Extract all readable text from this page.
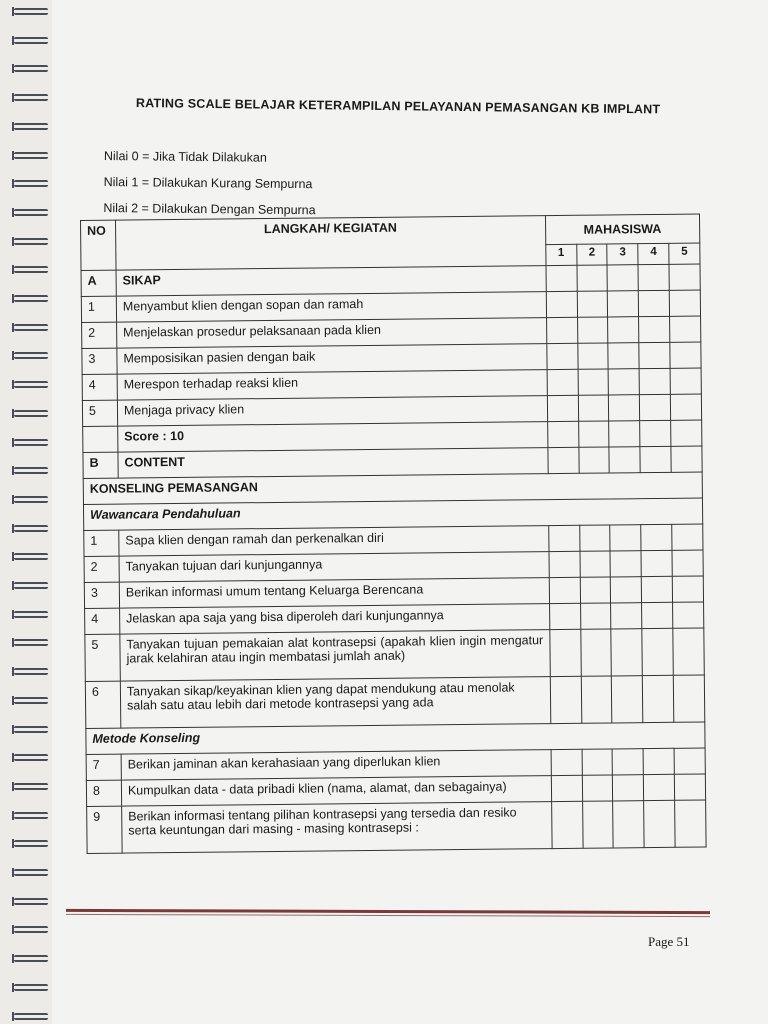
RATING SCALE BELAJAR KETERAMPILAN PELAYANAN PEMASANGAN KB IMPLANT
Nilai 0 = Jika Tidak Dilakukan
Nilai 1 = Dilakukan Kurang Sempurna
Nilai 2 = Dilakukan Dengan Sempurna
NO	LANGKAH/ KEGIATAN	MAHASISWA				
		1	2	3	4	5
A	SIKAP					
1	Menyambut klien dengan sopan dan ramah					
2	Menjelaskan prosedur pelaksanaan pada klien					
3	Memposisikan pasien dengan baik					
4	Merespon terhadap reaksi klien					
5	Menjaga privacy klien					
	Score : 10					
B	CONTENT					
KONSELING PEMASANGAN						
Wawancara Pendahuluan						
1	Sapa klien dengan ramah dan perkenalkan diri					
2	Tanyakan tujuan dari kunjungannya					
3	Berikan informasi umum tentang Keluarga Berencana					
4	Jelaskan apa saja yang bisa diperoleh dari kunjungannya					
5	Tanyakan tujuan pemakaian alat kontrasepsi (apakah klien ingin mengatur jarak kelahiran atau ingin membatasi jumlah anak)					
6	Tanyakan sikap/keyakinan klien yang dapat mendukung atau menolak salah satu atau lebih dari metode kontrasepsi yang ada					
Metode Konseling						
7	Berikan jaminan akan kerahasiaan yang diperlukan klien					
8	Kumpulkan data - data pribadi klien (nama, alamat, dan sebagainya)					
9	Berikan informasi tentang pilihan kontrasepsi yang tersedia dan resiko serta keuntungan dari masing - masing kontrasepsi :					
Page 51
